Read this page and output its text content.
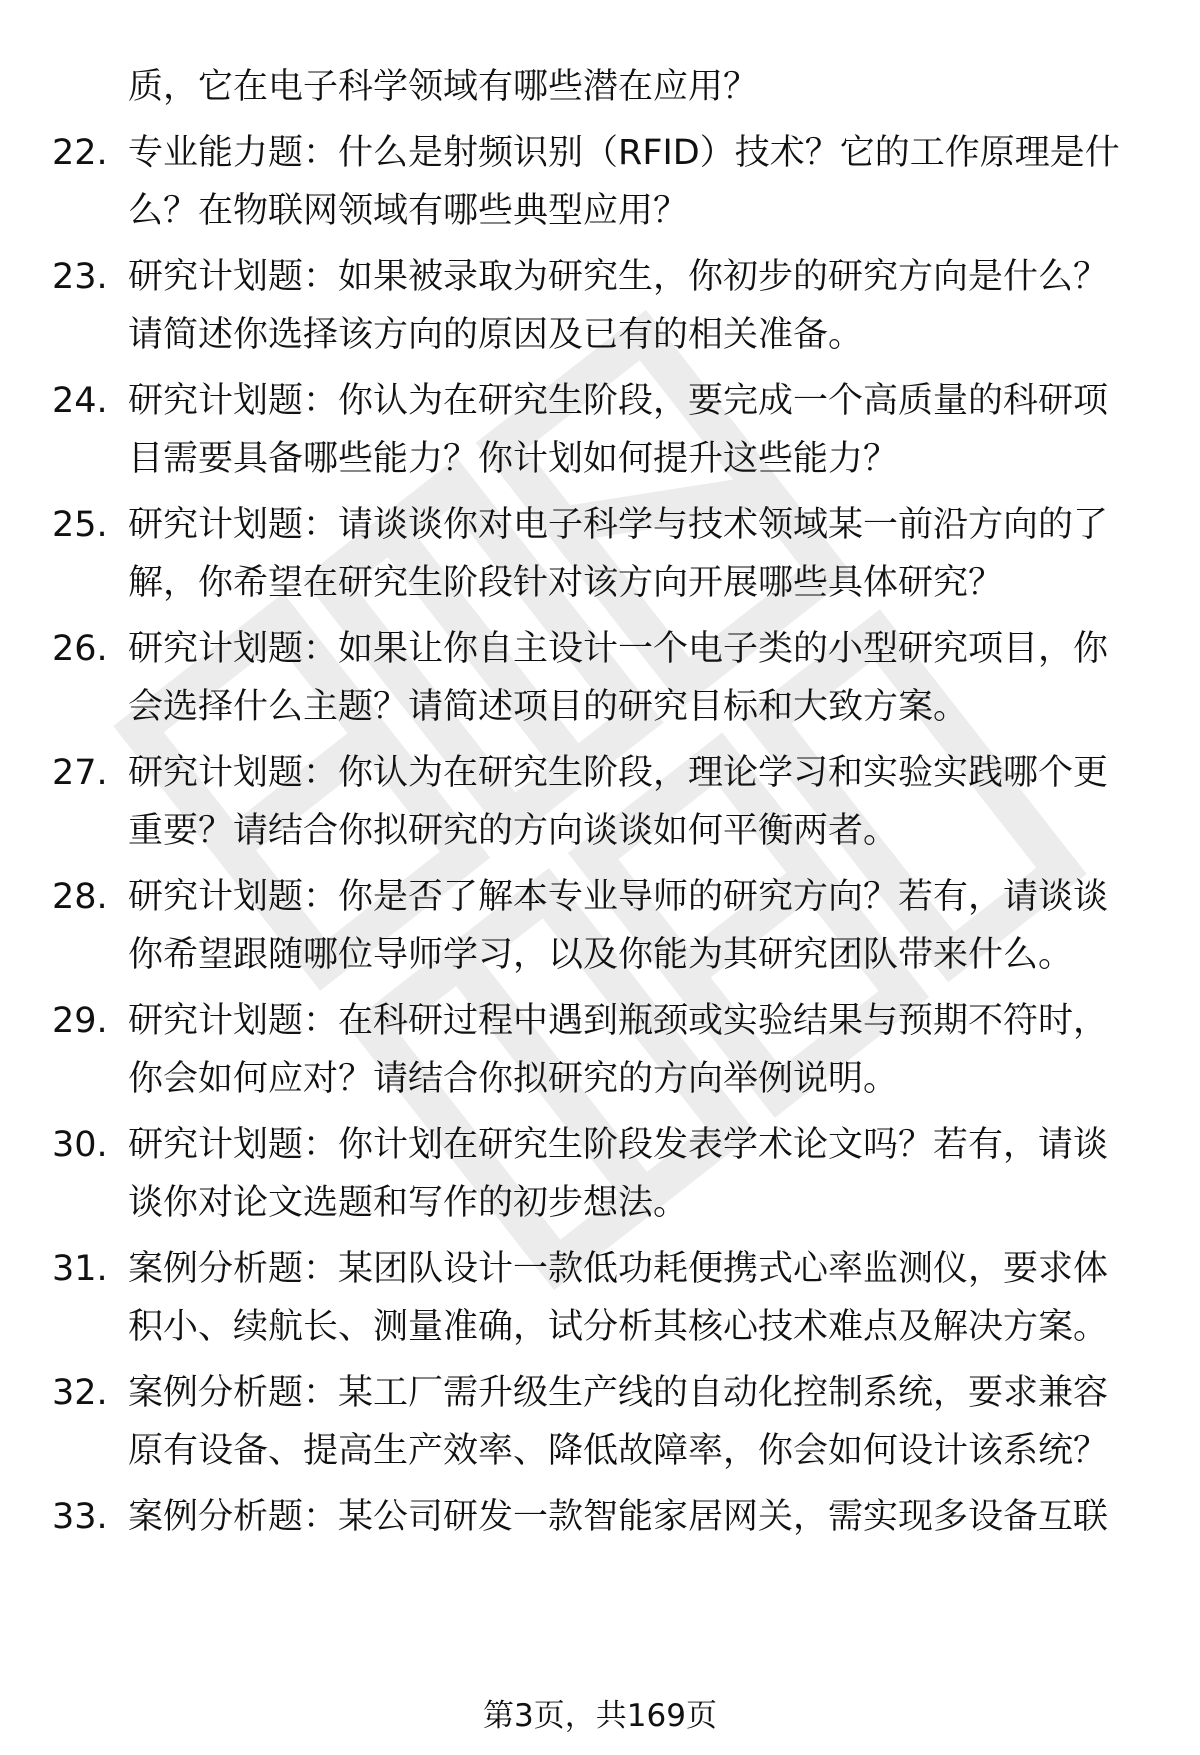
质，它在电子科学领域有哪些潜在应用？
22. 专业能力题：什么是射频识别（RFID）技术？它的工作原理是什
么？在物联网领域有哪些典型应用？
23. 研究计划题：如果被录取为研究生，你初步的研究方向是什么？
请简述你选择该方向的原因及已有的相关准备。
24. 研究计划题：你认为在研究生阶段，要完成一个高质量的科研项
目需要具备哪些能力？你计划如何提升这些能力？
25. 研究计划题：请谈谈你对电子科学与技术领域某一前沿方向的了
解，你希望在研究生阶段针对该方向开展哪些具体研究？
26. 研究计划题：如果让你自主设计一个电子类的小型研究项目，你
会选择什么主题？请简述项目的研究目标和大致方案。
27. 研究计划题：你认为在研究生阶段，理论学习和实验实践哪个更
重要？请结合你拟研究的方向谈谈如何平衡两者。
28. 研究计划题：你是否了解本专业导师的研究方向？若有，请谈谈
你希望跟随哪位导师学习，以及你能为其研究团队带来什么。
29. 研究计划题：在科研过程中遇到瓶颈或实验结果与预期不符时，
你会如何应对？请结合你拟研究的方向举例说明。
30. 研究计划题：你计划在研究生阶段发表学术论文吗？若有，请谈
谈你对论文选题和写作的初步想法。
31. 案例分析题：某团队设计一款低功耗便携式心率监测仪，要求体
积小、续航长、测量准确，试分析其核心技术难点及解决方案。
32. 案例分析题：某工厂需升级生产线的自动化控制系统，要求兼容
原有设备、提高生产效率、降低故障率，你会如何设计该系统？
33. 案例分析题：某公司研发一款智能家居网关，需实现多设备互联
第3页，共169页
